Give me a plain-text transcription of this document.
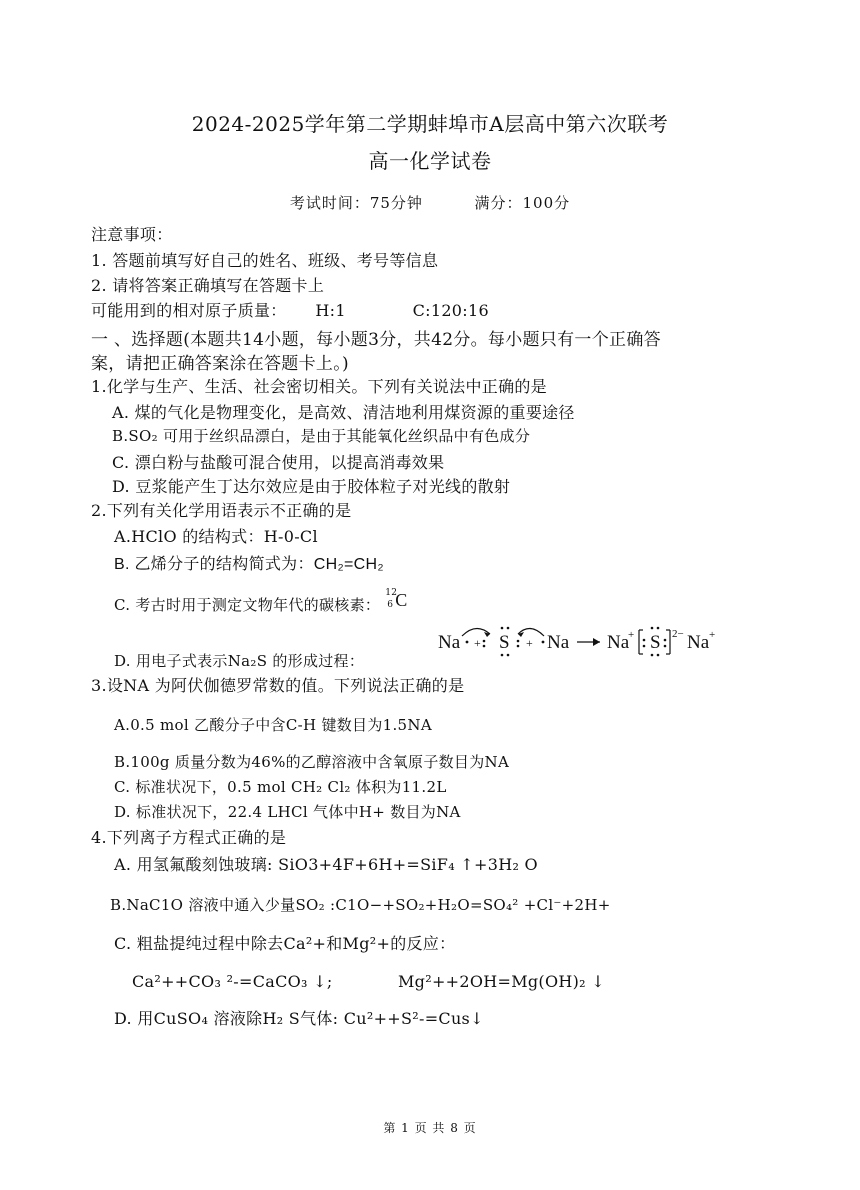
2024-2025学年第二学期蚌埠市A层高中第六次联考
高一化学试卷
考试时间：75分钟	满分：100分
注意事项：
1. 答题前填写好自己的姓名、班级、考号等信息
2. 请将答案正确填写在答题卡上
可能用到的相对原子质量： H:1	C:120:16
一 、选择题(本题共14小题，每小题3分，共42分。每小题只有一个正确答
案，请把正确答案涂在答题卡上。)
1.化学与生产、生活、社会密切相关。下列有关说法中正确的是
A. 煤的气化是物理变化，是高效、清洁地利用煤资源的重要途径
B.SO₂ 可用于丝织品漂白，是由于其能氧化丝织品中有色成分
C. 漂白粉与盐酸可混合使用，以提高消毒效果
D. 豆浆能产生丁达尔效应是由于胶体粒子对光线的散射
2.下列有关化学用语表示不正确的是
A.HClO 的结构式：H-0-Cl
B. 乙烯分子的结构简式为：CH₂=CH₂
C. 考古时用于测定文物年代的碳核素：
12
6 C
D. 用电子式表示Na₂S 的形成过程：
Na S Na Na S Na
+	2− +
+	+
3.设NA 为阿伏伽德罗常数的值。下列说法正确的是
A.0.5 mol 乙酸分子中含C-H 键数目为1.5NA
B.100g 质量分数为46%的乙醇溶液中含氧原子数目为NA
C. 标准状况下，0.5 mol CH₂ Cl₂ 体积为11.2L
D. 标准状况下，22.4 LHCl 气体中H+ 数目为NA
4.下列离子方程式正确的是
A. 用氢氟酸刻蚀玻璃: SiO3+4F+6H+=SiF₄ ↑+3H₂ O
B.NaC1O 溶液中通入少量SO₂ :C1O−+SO₂+H₂O=SO₄² +Cl⁻+2H+
C. 粗盐提纯过程中除去Ca²+和Mg²+的反应：
Ca²++CO₃ ²-=CaCO₃ ↓;	Mg²++2OH=Mg(OH)₂ ↓
D. 用CuSO₄ 溶液除H₂ S气体: Cu²++S²-=Cus↓
第 1 页 共 8 页
